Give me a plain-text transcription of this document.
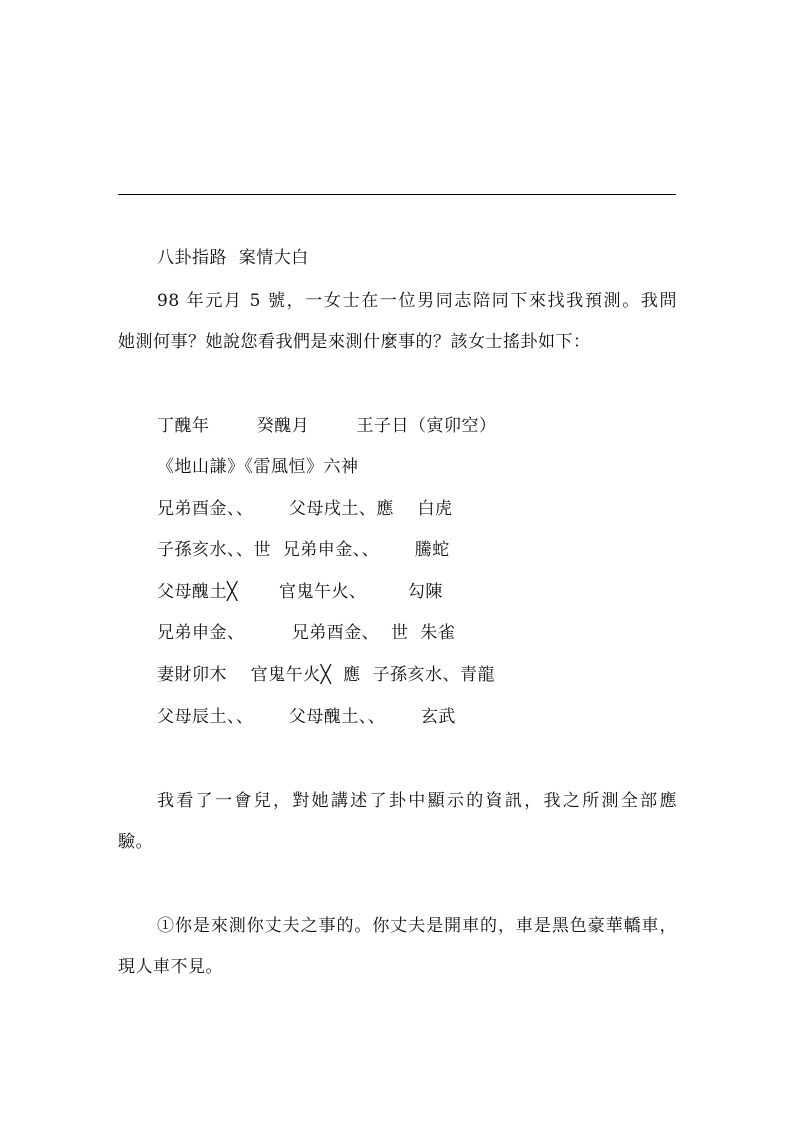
八卦指路  案情大白
98 年元月 5 號，一女士在一位男同志陪同下來找我預測。我問
她測何事？她說您看我們是來測什麼事的？該女士搖卦如下：
丁醜年        癸醜月        王子日（寅卯空）
《地山謙》《雷風恒》六神
兄弟酉金、、      父母戌土、應    白虎
子孫亥水、、世  兄弟申金、、      騰蛇
父母醜土╳       官鬼午火、       勾陳
兄弟申金、        兄弟酉金、  世  朱雀
妻財卯木    官鬼午火╳  應  子孫亥水、青龍
父母辰土、、      父母醜土、、      玄武
我看了一會兒，對她講述了卦中顯示的資訊，我之所測全部應
驗。
①你是來測你丈夫之事的。你丈夫是開車的，車是黑色豪華轎車，
現人車不見。
